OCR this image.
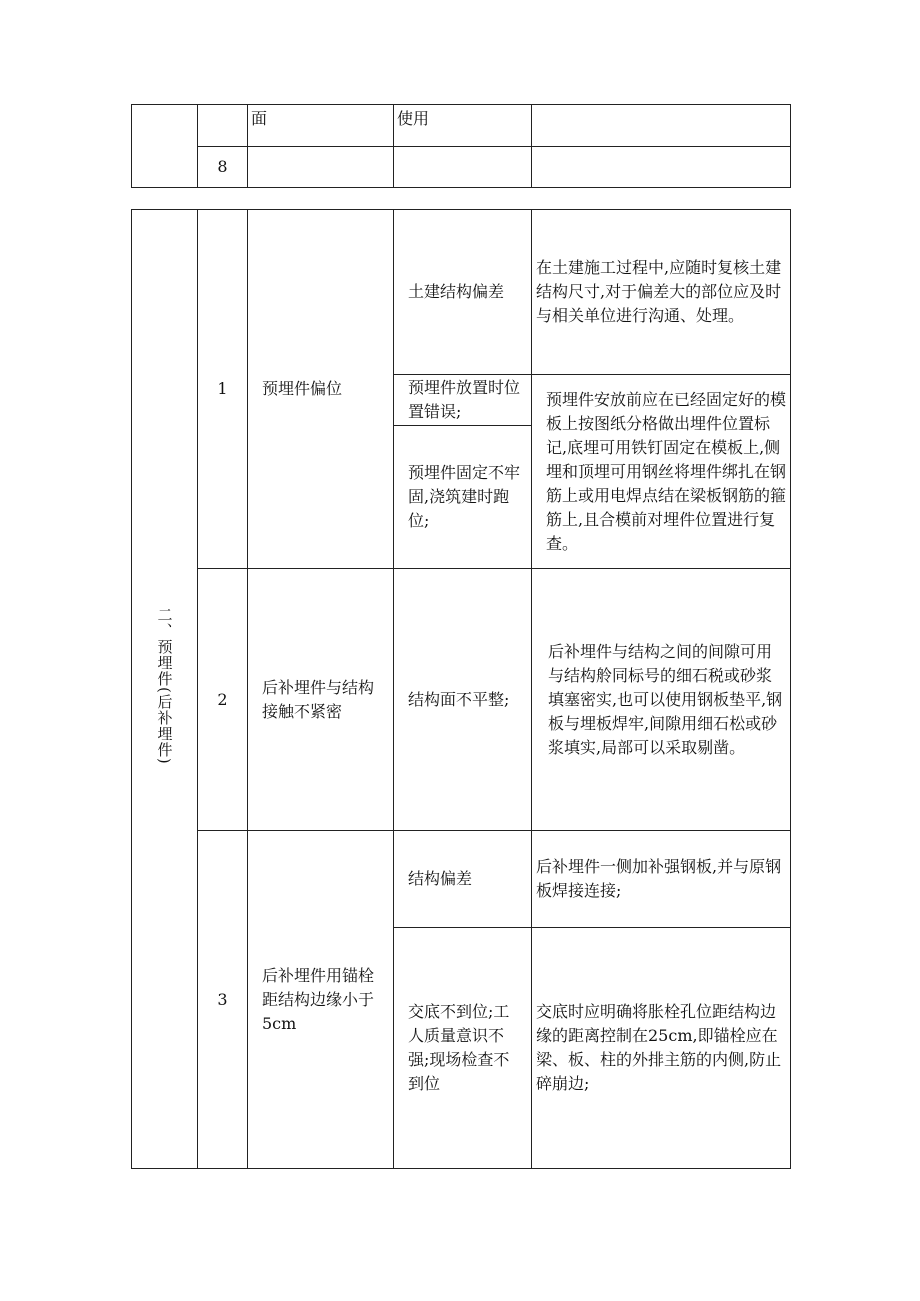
		面	使用	
	8			
二、预埋件(后补埋件)	1	预埋件偏位	土建结构偏差	在土建施工过程中,应随时复核土建结构尺寸,对于偏差大的部位应及时与相关单位进行沟通、处理。
			预埋件放置时位置错误;	预埋件安放前应在已经固定好的模板上按图纸分格做出埋件位置标记,底埋可用铁钉固定在模板上,侧埋和顶埋可用钢丝将埋件绑扎在钢筋上或用电焊点结在梁板钢筋的箍筋上,且合模前对埋件位置进行复查。
			预埋件固定不牢固,浇筑建时跑位;	
	2	后补埋件与结构接触不紧密	结构面不平整;	后补埋件与结构之间的间隙可用与结构舲同标号的细石税或砂浆填塞密实,也可以使用钢板垫平,钢板与埋板焊牢,间隙用细石松或砂浆填实,局部可以采取剔凿。
	3	后补埋件用锚栓距结构边缘小于5cm	结构偏差	后补埋件一侧加补强钢板,并与原钢板焊接连接;
			交底不到位;工人质量意识不强;现场检查不到位	交底时应明确将胀栓孔位距结构边缘的距离控制在25cm,即锚栓应在梁、板、柱的外排主筋的内侧,防止碎崩边;
